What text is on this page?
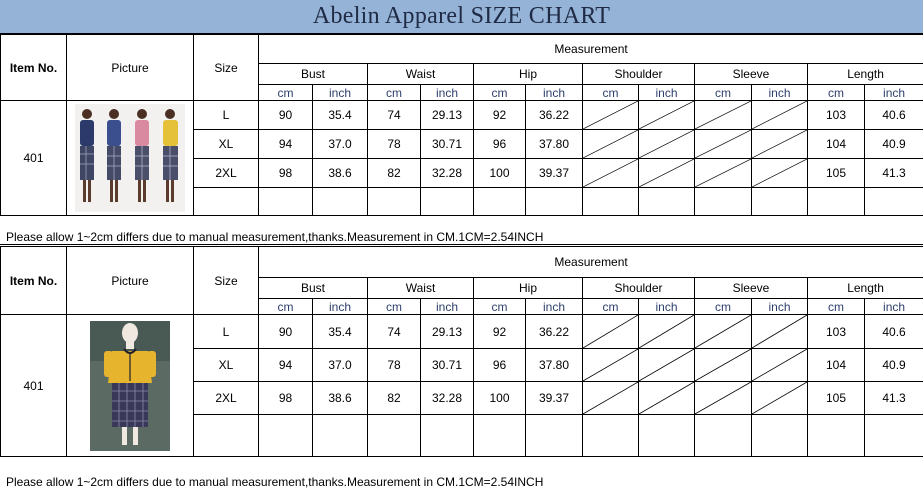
Abelin Apparel SIZE CHART
Item No.	Picture	Size	Measurement											
			Bust		Waist		Hip		Shoulder		Sleeve		Length	
			cm	inch	cm	inch	cm	inch	cm	inch	cm	inch	cm	inch
401		L	90	35.4	74	29.13	92	36.22					103	40.6
		XL	94	37.0	78	30.71	96	37.80					104	40.9
		2XL	98	38.6	82	32.28	100	39.37					105	41.3

Please allow 1~2cm differs due to manual measurement,thanks.Measurement in CM.1CM=2.54INCH
Item No.	Picture	Size	Measurement											
			Bust		Waist		Hip		Shoulder		Sleeve		Length	
			cm	inch	cm	inch	cm	inch	cm	inch	cm	inch	cm	inch
401		L	90	35.4	74	29.13	92	36.22					103	40.6
		XL	94	37.0	78	30.71	96	37.80					104	40.9
		2XL	98	38.6	82	32.28	100	39.37					105	41.3

Please allow 1~2cm differs due to manual measurement,thanks.Measurement in CM.1CM=2.54INCH
